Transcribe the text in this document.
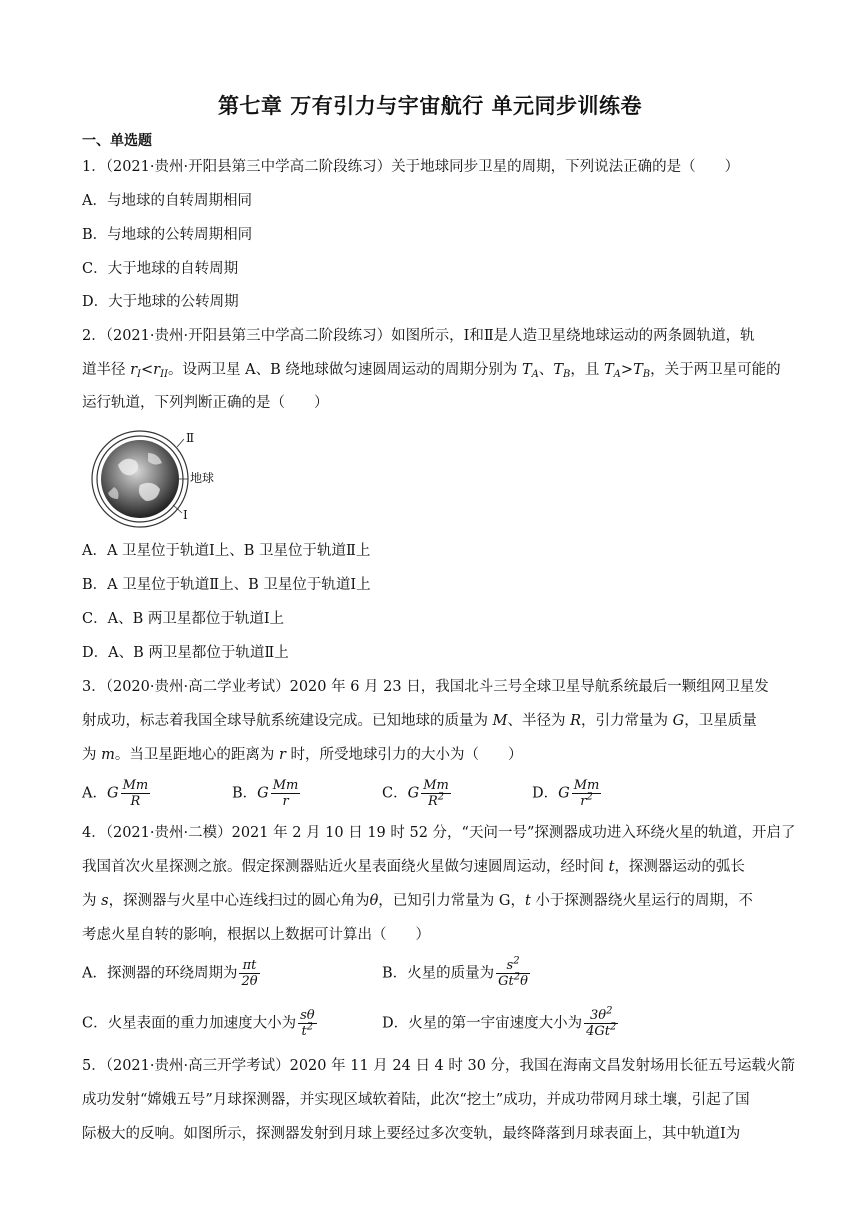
第七章 万有引力与宇宙航行 单元同步训练卷
一、单选题
1．（2021·贵州·开阳县第三中学高二阶段练习）关于地球同步卫星的周期，下列说法正确的是（　　）
A．与地球的自转周期相同
B．与地球的公转周期相同
C．大于地球的自转周期
D．大于地球的公转周期
2．（2021·贵州·开阳县第三中学高二阶段练习）如图所示，Ⅰ和Ⅱ是人造卫星绕地球运动的两条圆轨道，轨
道半径 $r_I<r_{II}$。设两卫星 A、B 绕地球做匀速圆周运动的周期分别为 $T_A$、$T_B$，且 $T_A>T_B$，关于两卫星可能的
运行轨道，下列判断正确的是（　　）
Ⅱ
地球
Ⅰ
A．A 卫星位于轨道Ⅰ上、B 卫星位于轨道Ⅱ上
B．A 卫星位于轨道Ⅱ上、B 卫星位于轨道Ⅰ上
C．A、B 两卫星都位于轨道Ⅰ上
D．A、B 两卫星都位于轨道Ⅱ上
3．（2020·贵州·高二学业考试）2020 年 6 月 23 日，我国北斗三号全球卫星导航系统最后一颗组网卫星发
射成功，标志着我国全球导航系统建设完成。已知地球的质量为 M、半径为 R，引力常量为 G，卫星质量
为 m。当卫星距地心的距离为 r 时，所受地球引力的大小为（　　）
A．G $\frac{Mm}{R}$	B．G $\frac{Mm}{r}$	C．G $\frac{Mm}{R^2}$	D．G $\frac{Mm}{r^2}$
4．（2021·贵州·二模）2021 年 2 月 10 日 19 时 52 分，“天问一号”探测器成功进入环绕火星的轨道，开启了
我国首次火星探测之旅。假定探测器贴近火星表面绕火星做匀速圆周运动，经时间 t，探测器运动的弧长
为 s，探测器与火星中心连线扫过的圆心角为θ，已知引力常量为 G，t 小于探测器绕火星运行的周期，不
考虑火星自转的影响，根据以上数据可计算出（　　）
A．探测器的环绕周期为 $\frac{\pi t}{2\theta}$	B．火星的质量为 $\frac{s^2}{Gt^2\theta}$
C．火星表面的重力加速度大小为 $\frac{s\theta}{t^2}$	D．火星的第一宇宙速度大小为 $\frac{3\theta^2}{4Gt^2}$
5．（2021·贵州·高三开学考试）2020 年 11 月 24 日 4 时 30 分，我国在海南文昌发射场用长征五号运载火箭
成功发射“嫦娥五号”月球探测器，并实现区域软着陆，此次“挖土”成功，并成功带网月球土壤，引起了国
际极大的反响。如图所示，探测器发射到月球上要经过多次变轨，最终降落到月球表面上，其中轨道Ⅰ为
